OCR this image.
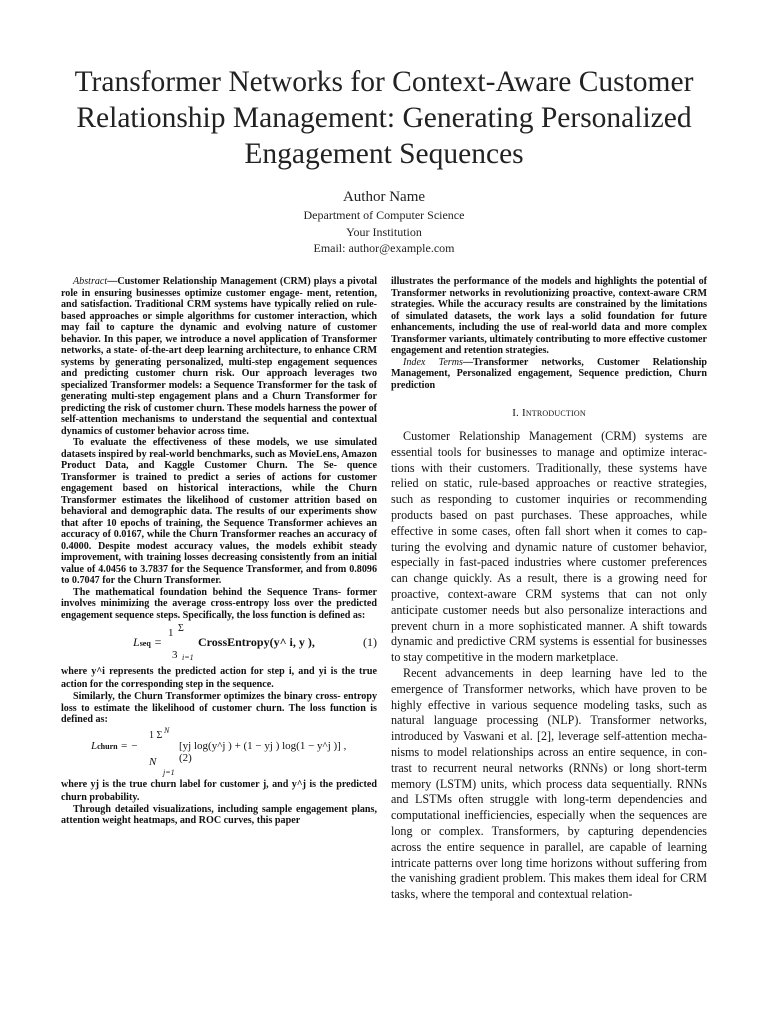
Transformer Networks for Context-Aware Customer Relationship Management: Generating Personalized Engagement Sequences
Author Name
Department of Computer Science
Your Institution
Email: author@example.com

Abstract—Customer Relationship Management (CRM) plays a pivotal role in ensuring businesses optimize customer engage- ment, retention, and satisfaction. Traditional CRM systems have typically relied on rule-based approaches or simple algorithms for customer interaction, which may fail to capture the dynamic and evolving nature of customer behavior. In this paper, we introduce a novel application of Transformer networks, a state- of-the-art deep learning architecture, to enhance CRM systems by generating personalized, multi-step engagement sequences and predicting customer churn risk. Our approach leverages two specialized Transformer models: a Sequence Transformer for the task of generating multi-step engagement plans and a Churn Transformer for predicting the risk of customer churn. These models harness the power of self-attention mechanisms to understand the sequential and contextual dynamics of customer behavior across time.

To evaluate the effectiveness of these models, we use simulated datasets inspired by real-world benchmarks, such as MovieLens, Amazon Product Data, and Kaggle Customer Churn. The Se- quence Transformer is trained to predict a series of actions for customer engagement based on historical interactions, while the Churn Transformer estimates the likelihood of customer attrition based on behavioral and demographic data. The results of our experiments show that after 10 epochs of training, the Sequence Transformer achieves an accuracy of 0.0167, while the Churn Transformer reaches an accuracy of 0.4000. Despite modest accuracy values, the models exhibit steady improvement, with training losses decreasing consistently from an initial value of 4.0456 to 3.7837 for the Sequence Transformer, and from 0.8096 to 0.7047 for the Churn Transformer.

The mathematical foundation behind the Sequence Trans- former involves minimizing the average cross-entropy loss over the predicted engagement sequence steps. Specifically, the loss function is defined as:

Lseq =
1 Σ
3 i=1
CrossEntropy(y^ i, y ),	(1)

where y^i represents the predicted action for step i, and yi is the true action for the corresponding step in the sequence.

Similarly, the Churn Transformer optimizes the binary cross- entropy loss to estimate the likelihood of customer churn. The loss function is defined as:

Lchurn = −
1 Σ N
[yj log(y^j ) + (1 − yj ) log(1 − y^j )] ,
(2)
N
j=1

where yj is the true churn label for customer j, and y^j is the predicted churn probability.

Through detailed visualizations, including sample engagement plans, attention weight heatmaps, and ROC curves, this paper

illustrates the performance of the models and highlights the potential of Transformer networks in revolutionizing proactive, context-aware CRM strategies. While the accuracy results are constrained by the limitations of simulated datasets, the work lays a solid foundation for future enhancements, including the use of real-world data and more complex Transformer variants, ultimately contributing to more effective customer engagement and retention strategies.

Index Terms—Transformer networks, Customer Relationship Management, Personalized engagement, Sequence prediction, Churn prediction

I. Introduction

Customer Relationship Management (CRM) systems are essential tools for businesses to manage and optimize interac- tions with their customers. Traditionally, these systems have relied on static, rule-based approaches or reactive strategies, such as responding to customer inquiries or recommending products based on past purchases. These approaches, while effective in some cases, often fall short when it comes to cap- turing the evolving and dynamic nature of customer behavior, especially in fast-paced industries where customer preferences can change quickly. As a result, there is a growing need for proactive, context-aware CRM systems that can not only anticipate customer needs but also personalize interactions and prevent churn in a more sophisticated manner. A shift towards dynamic and predictive CRM systems is essential for businesses to stay competitive in the modern marketplace.

Recent advancements in deep learning have led to the emergence of Transformer networks, which have proven to be highly effective in various sequence modeling tasks, such as natural language processing (NLP). Transformer networks, introduced by Vaswani et al. [2], leverage self-attention mecha- nisms to model relationships across an entire sequence, in con- trast to recurrent neural networks (RNNs) or long short-term memory (LSTM) units, which process data sequentially. RNNs and LSTMs often struggle with long-term dependencies and computational inefficiencies, especially when the sequences are long or complex. Transformers, by capturing dependencies across the entire sequence in parallel, are capable of learning intricate patterns over long time horizons without suffering from the vanishing gradient problem. This makes them ideal for CRM tasks, where the temporal and contextual relation-
